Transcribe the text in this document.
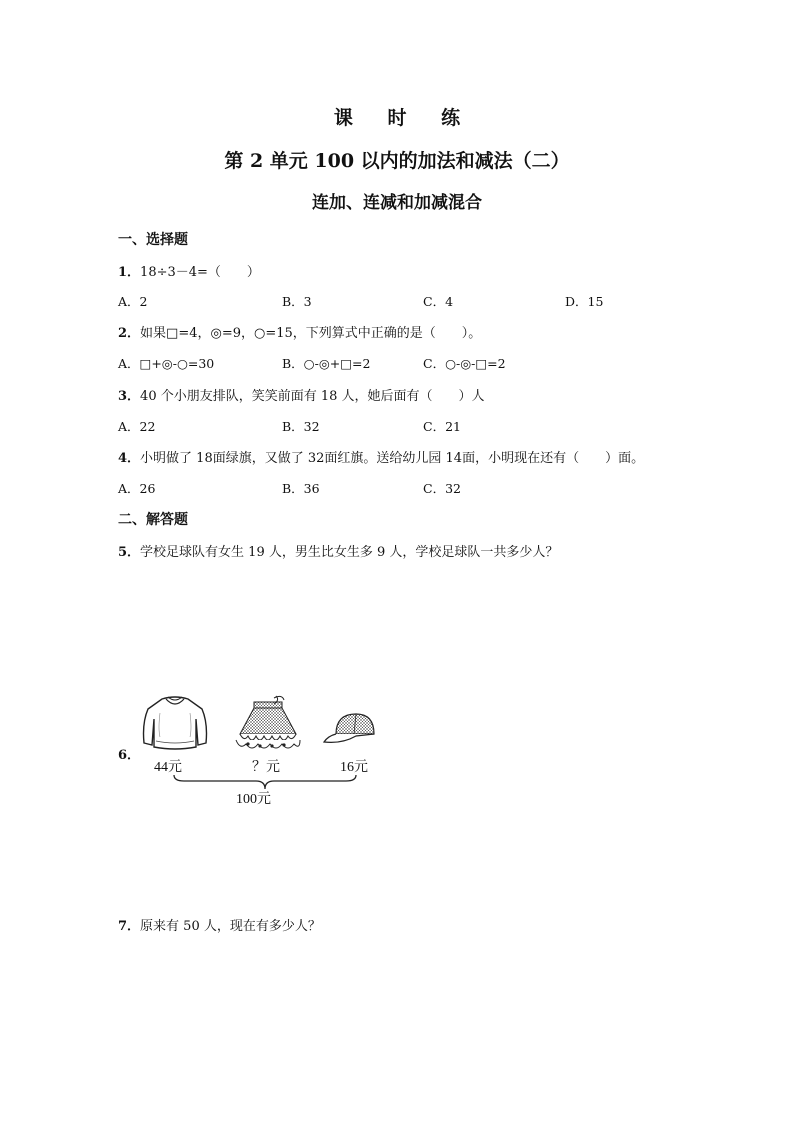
课 时 练
第 2 单元 100 以内的加法和减法（二）
连加、连减和加减混合
一、选择题
1．18÷3－4=（　　）
A．2	B．3	C．4	D．15
2．如果□=4，◎=9，○=15，下列算式中正确的是（　　）。
A．□+◎-○=30	B．○-◎+□=2	C．○-◎-□=2
3．40 个小朋友排队，笑笑前面有 18 人，她后面有（　　）人
A．22	B．32	C．21
4．小明做了 18面绿旗，又做了 32面红旗。送给幼儿园 14面，小明现在还有（　　）面。
A．26	B．36	C．32
二、解答题
5．学校足球队有女生 19 人，男生比女生多 9 人，学校足球队一共多少人？
6．
44元	？元	16元
100元
7．原来有 50 人，现在有多少人？
